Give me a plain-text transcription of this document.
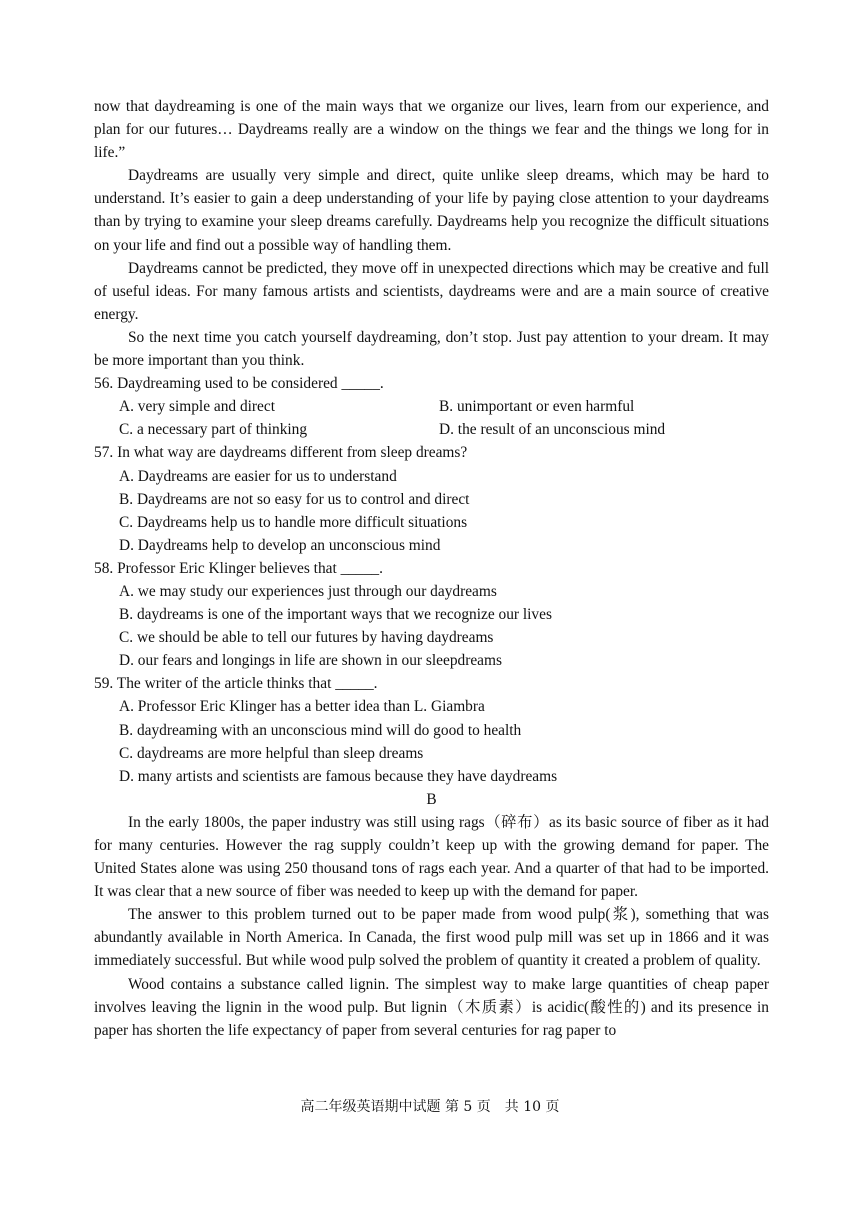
now that daydreaming is one of the main ways that we organize our lives, learn from our experience, and plan for our futures… Daydreams really are a window on the things we fear and the things we long for in life.”

Daydreams are usually very simple and direct, quite unlike sleep dreams, which may be hard to understand. It’s easier to gain a deep understanding of your life by paying close attention to your daydreams than by trying to examine your sleep dreams carefully. Daydreams help you recognize the difficult situations on your life and find out a possible way of handling them.

Daydreams cannot be predicted, they move off in unexpected directions which may be creative and full of useful ideas. For many famous artists and scientists, daydreams were and are a main source of creative energy.

So the next time you catch yourself daydreaming, don’t stop. Just pay attention to your dream. It may be more important than you think.

56. Daydreaming used to be considered _____.

A. very simple and direct	B. unimportant or even harmful
C. a necessary part of thinking	D. the result of an unconscious mind

57. In what way are daydreams different from sleep dreams?

A. Daydreams are easier for us to understand

B. Daydreams are not so easy for us to control and direct

C. Daydreams help us to handle more difficult situations

D. Daydreams help to develop an unconscious mind

58. Professor Eric Klinger believes that _____.

A. we may study our experiences just through our daydreams

B. daydreams is one of the important ways that we recognize our lives

C. we should be able to tell our futures by having daydreams

D. our fears and longings in life are shown in our sleepdreams

59. The writer of the article thinks that _____.

A. Professor Eric Klinger has a better idea than L. Giambra

B. daydreaming with an unconscious mind will do good to health

C. daydreams are more helpful than sleep dreams

D. many artists and scientists are famous because they have daydreams

B

In the early 1800s, the paper industry was still using rags（碎布）as its basic source of fiber as it had for many centuries. However the rag supply couldn’t keep up with the growing demand for paper. The United States alone was using 250 thousand tons of rags each year. And a quarter of that had to be imported. It was clear that a new source of fiber was needed to keep up with the demand for paper.

The answer to this problem turned out to be paper made from wood pulp(浆), something that was abundantly available in North America. In Canada, the first wood pulp mill was set up in 1866 and it was immediately successful. But while wood pulp solved the problem of quantity it created a problem of quality.

Wood contains a substance called lignin. The simplest way to make large quantities of cheap paper involves leaving the lignin in the wood pulp. But lignin（木质素）is acidic(酸性的) and its presence in paper has shorten the life expectancy of paper from several centuries for rag paper to

高二年级英语期中试题 第 5 页　共 10 页
